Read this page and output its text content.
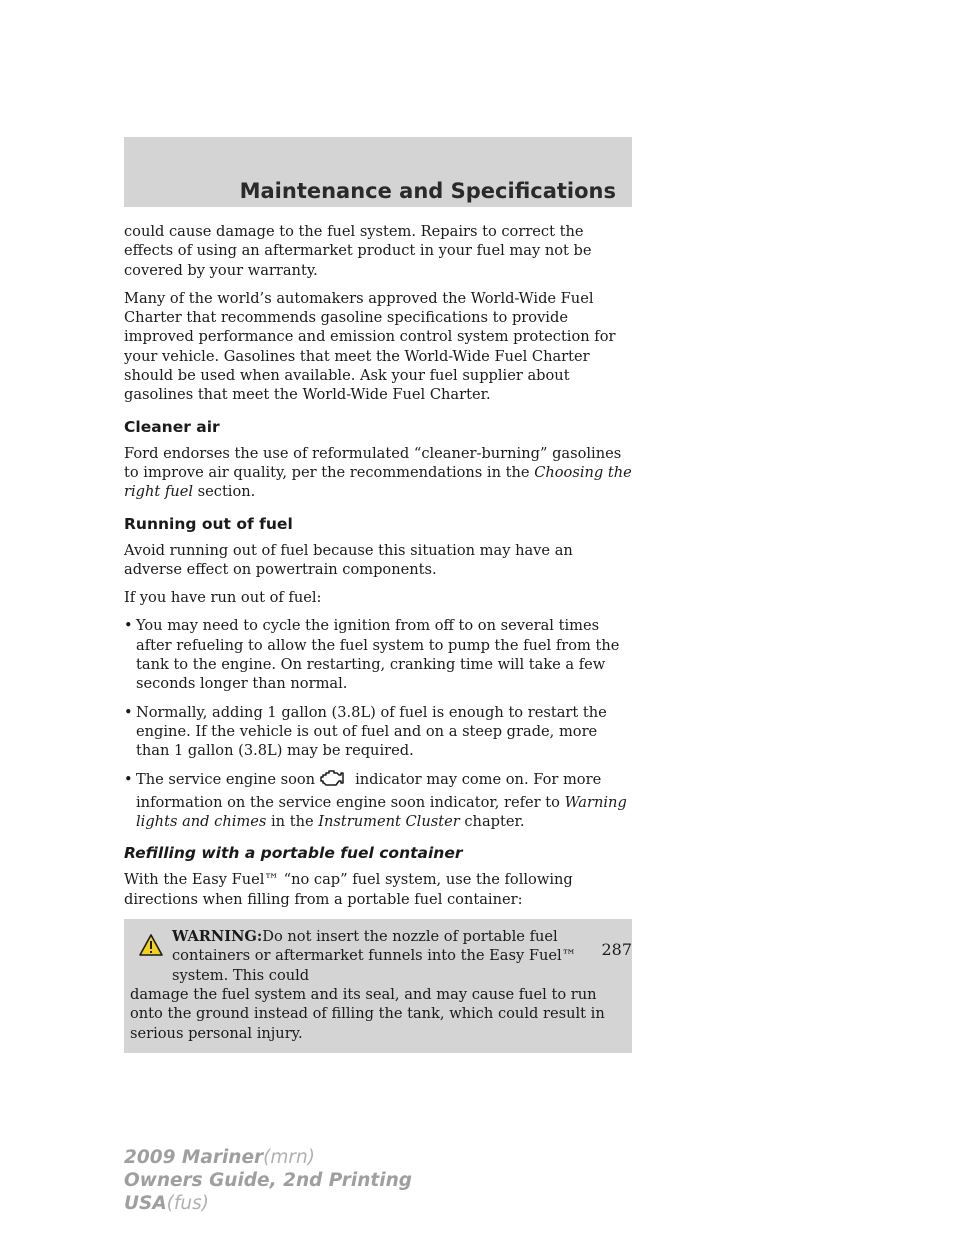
Maintenance and Specifications

could cause damage to the fuel system. Repairs to correct the effects of using an aftermarket product in your fuel may not be covered by your warranty.

Many of the world’s automakers approved the World-Wide Fuel Charter that recommends gasoline specifications to provide improved performance and emission control system protection for your vehicle. Gasolines that meet the World-Wide Fuel Charter should be used when available. Ask your fuel supplier about gasolines that meet the World-Wide Fuel Charter.

Cleaner air

Ford endorses the use of reformulated “cleaner-burning” gasolines to improve air quality, per the recommendations in the Choosing the right fuel section.

Running out of fuel

Avoid running out of fuel because this situation may have an adverse effect on powertrain components.

If you have run out of fuel:

• You may need to cycle the ignition from off to on several times after refueling to allow the fuel system to pump the fuel from the tank to the engine. On restarting, cranking time will take a few seconds longer than normal.
• Normally, adding 1 gallon (3.8L) of fuel is enough to restart the engine. If the vehicle is out of fuel and on a steep grade, more than 1 gallon (3.8L) may be required.
• The service engine soon	indicator may come on. For more information on the service engine soon indicator, refer to Warning lights and chimes in the Instrument Cluster chapter.
Refilling with a portable fuel container

With the Easy Fuel™ “no cap” fuel system, use the following directions when filling from a portable fuel container:

WARNING:Do not insert the nozzle of portable fuel containers or aftermarket funnels into the Easy Fuel™ system. This could
damage the fuel system and its seal, and may cause fuel to run onto the ground instead of filling the tank, which could result in serious personal injury.

287
2009 Mariner(mrn)
Owners Guide, 2nd Printing
USA(fus)
